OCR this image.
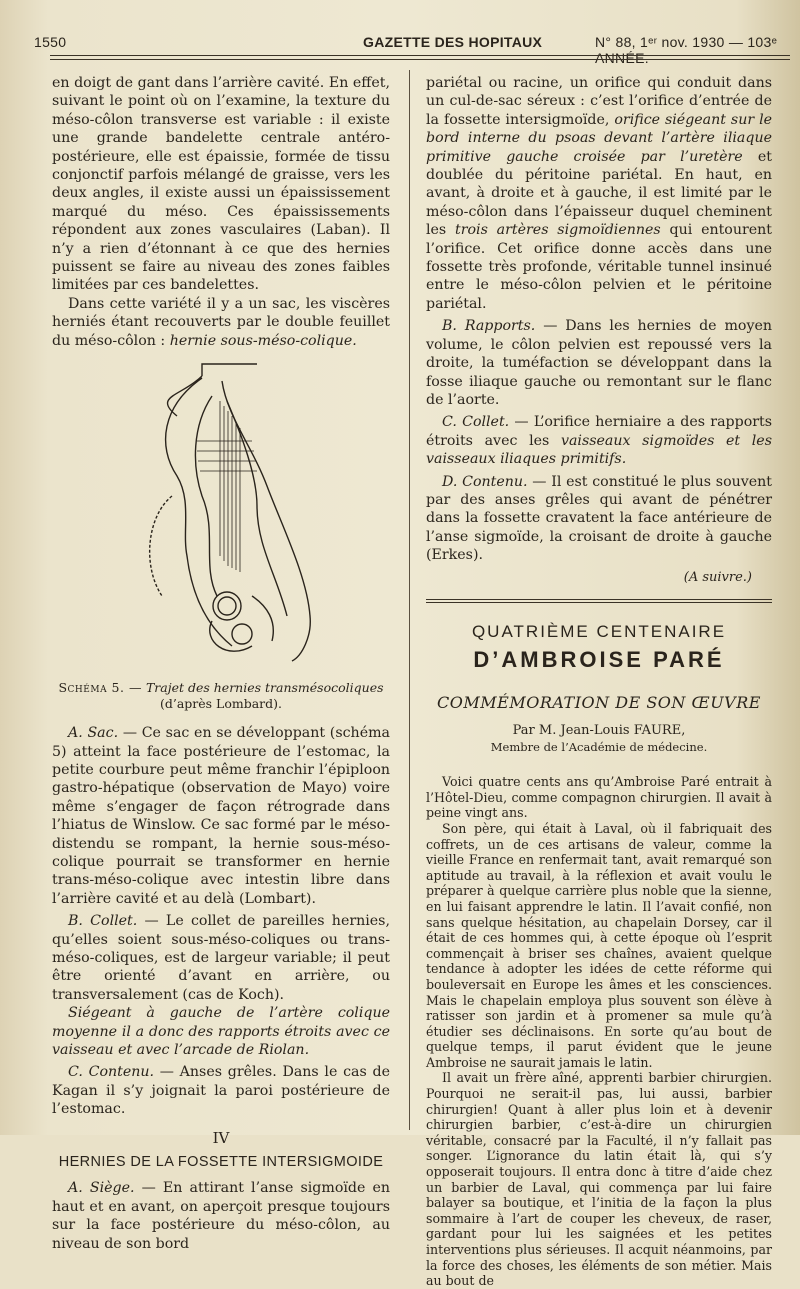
1550	GAZETTE DES HOPITAUX	N° 88, 1ᵉʳ nov. 1930 — 103ᵉ ANNÉE.

en doigt de gant dans l’arrière cavité. En effet, suivant le point où on l’examine, la texture du méso-côlon transverse est variable : il existe une grande bandelette centrale antéro-postérieure, elle est épaissie, formée de tissu conjonctif parfois mélangé de graisse, vers les deux angles, il existe aussi un épaississement marqué du méso. Ces épaississements répondent aux zones vasculaires (Laban). Il n’y a rien d’étonnant à ce que des hernies puissent se faire au niveau des zones faibles limitées par ces bandelettes.

Dans cette variété il y a un sac, les viscères herniés étant recouverts par le double feuillet du méso-côlon : hernie sous-méso-colique.

Schéma 5. — Trajet des hernies transmésocoliques
(d’après Lombard).

A. Sac. — Ce sac en se développant (schéma 5) atteint la face postérieure de l’estomac, la petite courbure peut même franchir l’épiploon gastro-hépatique (observation de Mayo) voire même s’engager de façon rétrograde dans l’hiatus de Winslow. Ce sac formé par le méso-distendu se rompant, la hernie sous-méso-colique pourrait se transformer en hernie trans-méso-colique avec intestin libre dans l’arrière cavité et au delà (Lombart).

B. Collet. — Le collet de pareilles hernies, qu’elles soient sous-méso-coliques ou trans-méso-coliques, est de largeur variable; il peut être orienté d’avant en arrière, ou transversalement (cas de Koch).

Siégeant à gauche de l’artère colique moyenne il a donc des rapports étroits avec ce vaisseau et avec l’arcade de Riolan.

C. Contenu. — Anses grêles. Dans le cas de Kagan il s’y joignait la paroi postérieure de l’estomac.

IV
HERNIES DE LA FOSSETTE INTERSIGMOIDE

A. Siège. — En attirant l’anse sigmoïde en haut et en avant, on aperçoit presque toujours sur la face postérieure du méso-côlon, au niveau de son bord

pariétal ou racine, un orifice qui conduit dans un cul-de-sac séreux : c’est l’orifice d’entrée de la fossette intersigmoïde, orifice siégeant sur le bord interne du psoas devant l’artère iliaque primitive gauche croisée par l’uretère et doublée du péritoine pariétal. En haut, en avant, à droite et à gauche, il est limité par le méso-côlon dans l’épaisseur duquel cheminent les trois artères sigmoïdiennes qui entourent l’orifice. Cet orifice donne accès dans une fossette très profonde, véritable tunnel insinué entre le méso-côlon pelvien et le péritoine pariétal.

B. Rapports. — Dans les hernies de moyen volume, le côlon pelvien est repoussé vers la droite, la tuméfaction se développant dans la fosse iliaque gauche ou remontant sur le flanc de l’aorte.

C. Collet. — L’orifice herniaire a des rapports étroits avec les vaisseaux sigmoïdes et les vaisseaux iliaques primitifs.

D. Contenu. — Il est constitué le plus souvent par des anses grêles qui avant de pénétrer dans la fossette cravatent la face antérieure de l’anse sigmoïde, la croisant de droite à gauche (Erkes).

(A suivre.)
QUATRIÈME CENTENAIRE
D’AMBROISE PARÉ
COMMÉMORATION DE SON ŒUVRE
Par M. Jean-Louis FAURE,
Membre de l’Académie de médecine.

Voici quatre cents ans qu’Ambroise Paré entrait à l’Hôtel-Dieu, comme compagnon chirurgien. Il avait à peine vingt ans.

Son père, qui était à Laval, où il fabriquait des coffrets, un de ces artisans de valeur, comme la vieille France en renfermait tant, avait remarqué son aptitude au travail, à la réflexion et avait voulu le préparer à quelque carrière plus noble que la sienne, en lui faisant apprendre le latin. Il l’avait confié, non sans quelque hésitation, au chapelain Dorsey, car il était de ces hommes qui, à cette époque où l’esprit commençait à briser ses chaînes, avaient quelque tendance à adopter les idées de cette réforme qui bouleversait en Europe les âmes et les consciences. Mais le chapelain employa plus souvent son élève à ratisser son jardin et à promener sa mule qu’à étudier ses déclinaisons. En sorte qu’au bout de quelque temps, il parut évident que le jeune Ambroise ne saurait jamais le latin.

Il avait un frère aîné, apprenti barbier chirurgien. Pourquoi ne serait-il pas, lui aussi, barbier chirurgien! Quant à aller plus loin et à devenir chirurgien barbier, c’est-à-dire un chirurgien véritable, consacré par la Faculté, il n’y fallait pas songer. L’ignorance du latin était là, qui s’y opposerait toujours. Il entra donc à titre d’aide chez un barbier de Laval, qui commença par lui faire balayer sa boutique, et l’initia de la façon la plus sommaire à l’art de couper les cheveux, de raser, gardant pour lui les saignées et les petites interventions plus sérieuses. Il acquit néanmoins, par la force des choses, les éléments de son métier. Mais au bout de
